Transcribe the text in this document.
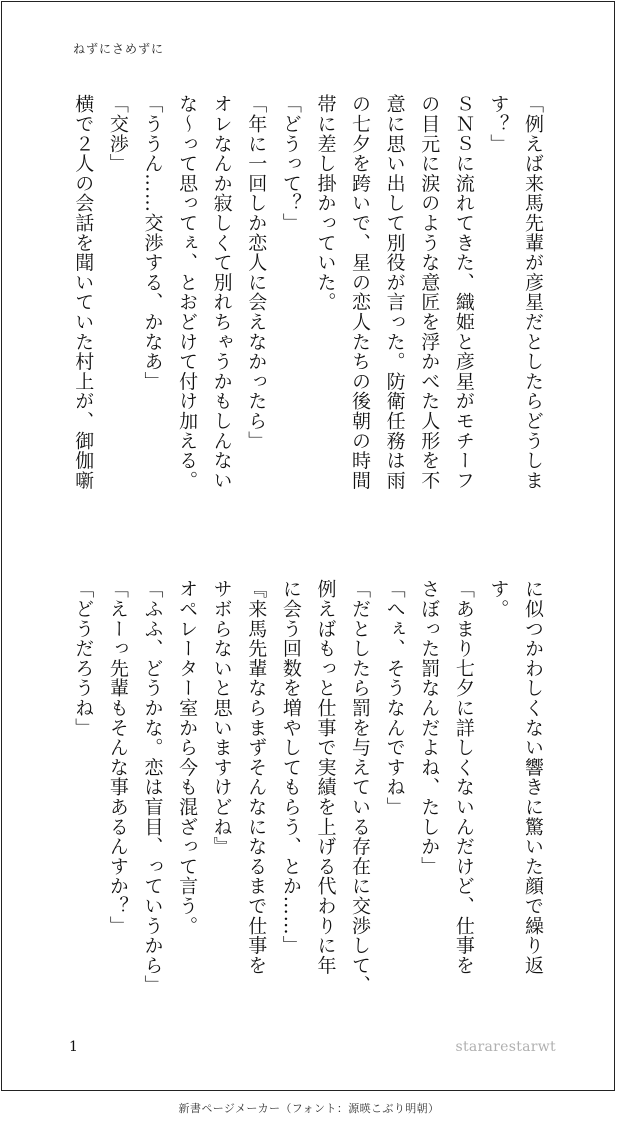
ねずにさめずに
「例えば来馬先輩が彦星だとしたらどうしま
す？」
ＳＮＳに流れてきた、織姫と彦星がモチーフ
の目元に涙のような意匠を浮かべた人形を不
意に思い出して別役が言った。防衛任務は雨
の七夕を跨いで、星の恋人たちの後朝の時間
帯に差し掛かっていた。
「どうって？」
「年に一回しか恋人に会えなかったら」
オレなんか寂しくて別れちゃうかもしんない
な～って思ってぇ、とおどけて付け加える。
「ううん……交渉する、かなあ」
「交渉」
横で２人の会話を聞いていた村上が、御伽噺
に似つかわしくない響きに驚いた顔で繰り返
す。
「あまり七夕に詳しくないんだけど、仕事を
さぼった罰なんだよね、たしか」
「へぇ、そうなんですね」
「だとしたら罰を与えている存在に交渉して、
例えばもっと仕事で実績を上げる代わりに年
に会う回数を増やしてもらう、とか……」
『来馬先輩ならまずそんなになるまで仕事を
サボらないと思いますけどね』
オペレーター室から今も混ざって言う。
「ふふ、どうかな。恋は盲目、っていうから」
「えーっ先輩もそんな事あるんすか？」
「どうだろうね」
1	stararestarwt
新書ページメーカー（フォント：源暎こぶり明朝）
